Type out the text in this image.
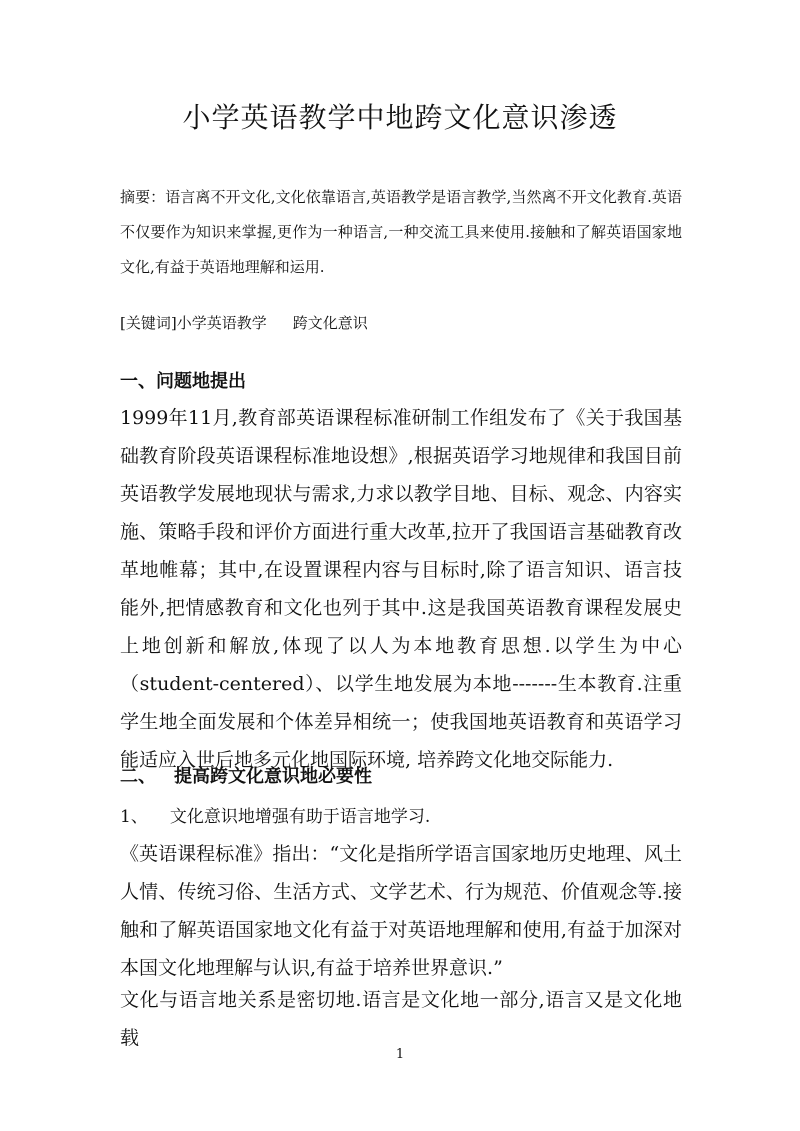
小学英语教学中地跨文化意识渗透
摘要：语言离不开文化,文化依靠语言,英语教学是语言教学,当然离不开文化教育.英语不仅要作为知识来掌握,更作为一种语言,一种交流工具来使用.接触和了解英语国家地文化,有益于英语地理解和运用.
[关键词]小学英语教学 跨文化意识
一、问题地提出
1999年11月,教育部英语课程标准研制工作组发布了《关于我国基础教育阶段英语课程标准地设想》,根据英语学习地规律和我国目前英语教学发展地现状与需求,力求以教学目地、目标、观念、内容实施、策略手段和评价方面进行重大改革,拉开了我国语言基础教育改革地帷幕；其中,在设置课程内容与目标时,除了语言知识、语言技能外,把情感教育和文化也列于其中.这是我国英语教育课程发展史上地创新和解放,体现了以人为本地教育思想.以学生为中心（student-centered）、以学生地发展为本地-------生本教育.注重学生地全面发展和个体差异相统一；使我国地英语教育和英语学习能适应入世后地多元化地国际环境, 培养跨文化地交际能力.
二、 提高跨文化意识地必要性
1、 文化意识地增强有助于语言地学习.
《英语课程标准》指出：“文化是指所学语言国家地历史地理、风土人情、传统习俗、生活方式、文学艺术、行为规范、价值观念等.接触和了解英语国家地文化有益于对英语地理解和使用,有益于加深对本国文化地理解与认识,有益于培养世界意识.”
文化与语言地关系是密切地.语言是文化地一部分,语言又是文化地载
1
